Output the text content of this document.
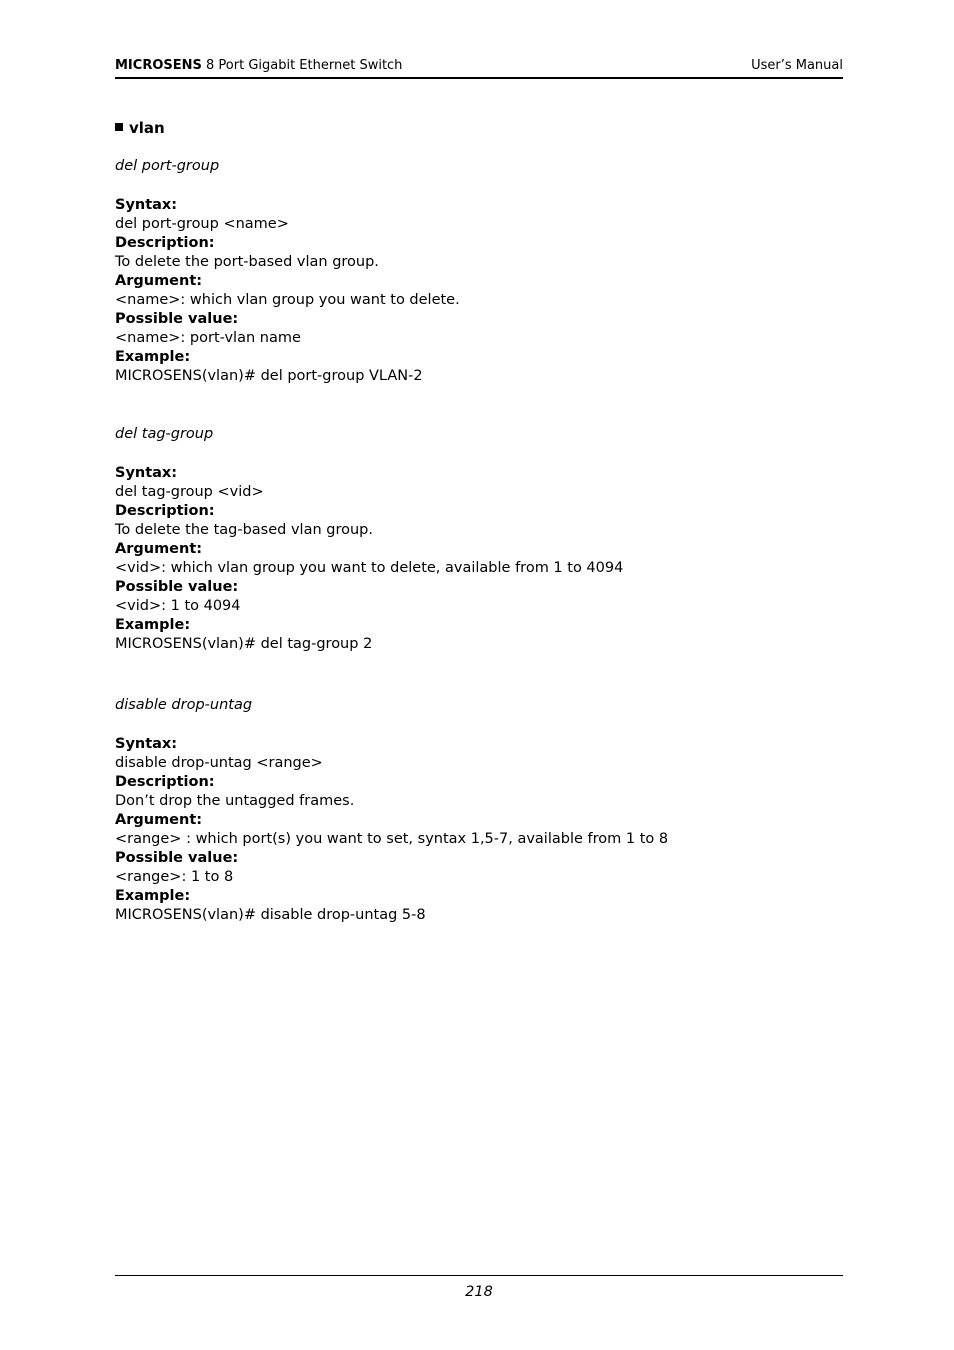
MICROSENS 8 Port Gigabit Ethernet Switch	User’s Manual
vlan
del port-group
Syntax:
del port-group <name>
Description:
To delete the port-based vlan group.
Argument:
<name>: which vlan group you want to delete.
Possible value:
<name>: port-vlan name
Example:
MICROSENS(vlan)# del port-group VLAN-2
del tag-group
Syntax:
del tag-group <vid>
Description:
To delete the tag-based vlan group.
Argument:
<vid>: which vlan group you want to delete, available from 1 to 4094
Possible value:
<vid>: 1 to 4094
Example:
MICROSENS(vlan)# del tag-group 2
disable drop-untag
Syntax:
disable drop-untag <range>
Description:
Don’t drop the untagged frames.
Argument:
<range> : which port(s) you want to set, syntax 1,5-7, available from 1 to 8
Possible value:
<range>: 1 to 8
Example:
MICROSENS(vlan)# disable drop-untag 5-8
218
